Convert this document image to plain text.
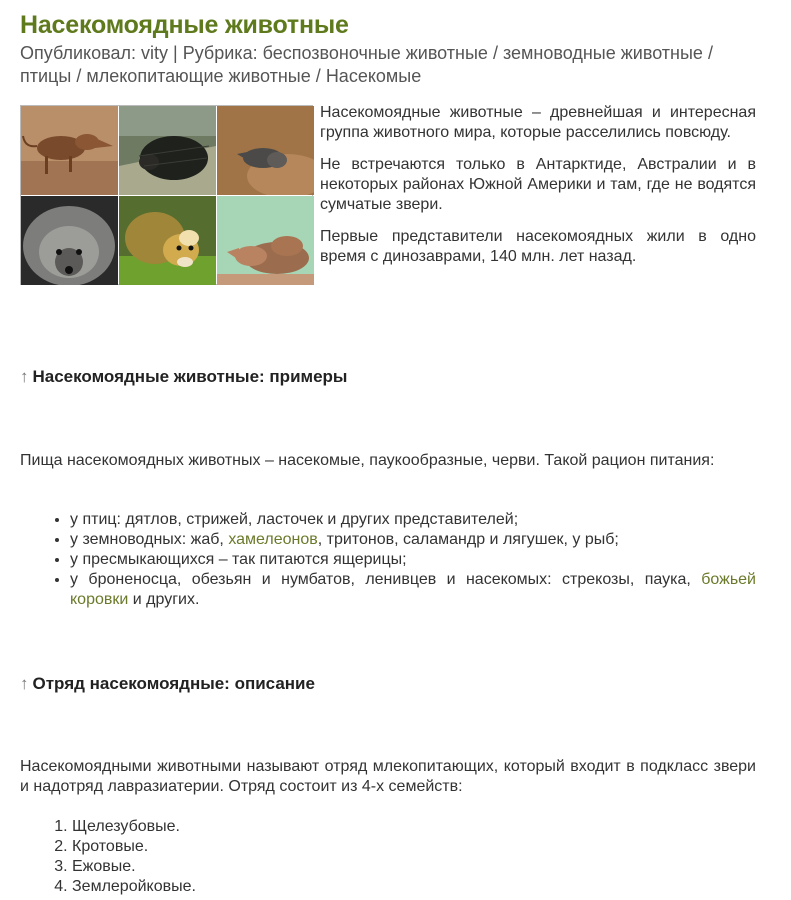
Насекомоядные животные
Опубликовал: vity | Рубрика: беспозвоночные животные / земноводные животные / птицы / млекопитающие животные / Насекомые

Насекомоядные животные – древнейшая и интересная группа животного мира, которые расселились повсюду.

Не встречаются только в Антарктиде, Австралии и в некоторых районах Южной Америки и там, где не водятся сумчатые звери.

Первые представители насекомоядных жили в одно время с динозаврами, 140 млн. лет назад.

↑ Насекомоядные животные: примеры

Пища насекомоядных животных – насекомые, паукообразные, черви. Такой рацион питания:

• у птиц: дятлов, стрижей, ласточек и других представителей;
• у земноводных: жаб, хамелеонов, тритонов, саламандр и лягушек, у рыб;
• у пресмыкающихся – так питаются ящерицы;
• у броненосца, обезьян и нумбатов, ленивцев и насекомых: стрекозы, паука, божьей коровки и других.
↑ Отряд насекомоядные: описание

Насекомоядными животными называют отряд млекопитающих, который входит в подкласс звери и надотряд лавразиатерии. Отряд состоит из 4-х семейств:

1. Щелезубовые.
2. Кротовые.
3. Ежовые.
4. Землеройковые.
